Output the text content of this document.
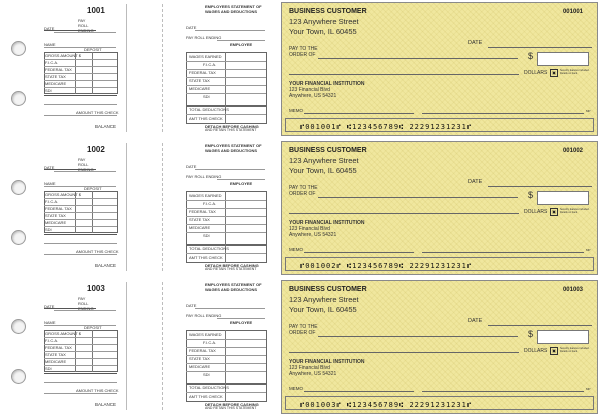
1001
PAY ROLL ENDING
DATE
NAME
DEPOSIT
GROSS AMOUNT $
F.I.C.A.
FEDERAL TAX
STATE TAX
MEDICARE
SDI
AMOUNT THIS CHECK
BALANCE
EMPLOYEES STATEMENT OF
WAGES AND DEDUCTIONS
DATE
PAY ROLL ENDING
EMPLOYEE
WAGES EARNED
F.I.C.A.
FEDERAL TAX
STATE TAX
MEDICARE
SDI
TOTAL DEDUCTIONS
AMT THIS CHECK
DETACH BEFORE CASHING
AND RETAIN THIS STATEMENT
BUSINESS CUSTOMER
123 Anywhere Street
Your Town, IL 60455
001001
DATE
PAY TO THE
ORDER OF	$
DOLLARS	▣	Security features included. Details on back.
YOUR FINANCIAL INSTITUTION
123 Financial Blvd
Anywhere, US 54321
MEMO	MP
⑈001001⑈ ⑆123456789⑆ 22291231231⑈
1002
PAY ROLL ENDING
DATE
NAME
DEPOSIT
GROSS AMOUNT $
F.I.C.A.
FEDERAL TAX
STATE TAX
MEDICARE
SDI
AMOUNT THIS CHECK
BALANCE
EMPLOYEES STATEMENT OF
WAGES AND DEDUCTIONS
DATE
PAY ROLL ENDING
EMPLOYEE
WAGES EARNED
F.I.C.A.
FEDERAL TAX
STATE TAX
MEDICARE
SDI
TOTAL DEDUCTIONS
AMT THIS CHECK
DETACH BEFORE CASHING
AND RETAIN THIS STATEMENT
BUSINESS CUSTOMER
123 Anywhere Street
Your Town, IL 60455
001002
DATE
PAY TO THE
ORDER OF	$
DOLLARS	▣	Security features included. Details on back.
YOUR FINANCIAL INSTITUTION
123 Financial Blvd
Anywhere, US 54321
MEMO	MP
⑈001002⑈ ⑆123456789⑆ 22291231231⑈
1003
PAY ROLL ENDING
DATE
NAME
DEPOSIT
GROSS AMOUNT $
F.I.C.A.
FEDERAL TAX
STATE TAX
MEDICARE
SDI
AMOUNT THIS CHECK
BALANCE
EMPLOYEES STATEMENT OF
WAGES AND DEDUCTIONS
DATE
PAY ROLL ENDING
EMPLOYEE
WAGES EARNED
F.I.C.A.
FEDERAL TAX
STATE TAX
MEDICARE
SDI
TOTAL DEDUCTIONS
AMT THIS CHECK
DETACH BEFORE CASHING
AND RETAIN THIS STATEMENT
BUSINESS CUSTOMER
123 Anywhere Street
Your Town, IL 60455
001003
DATE
PAY TO THE
ORDER OF	$
DOLLARS	▣	Security features included. Details on back.
YOUR FINANCIAL INSTITUTION
123 Financial Blvd
Anywhere, US 54321
MEMO	MP
⑈001003⑈ ⑆123456789⑆ 22291231231⑈
